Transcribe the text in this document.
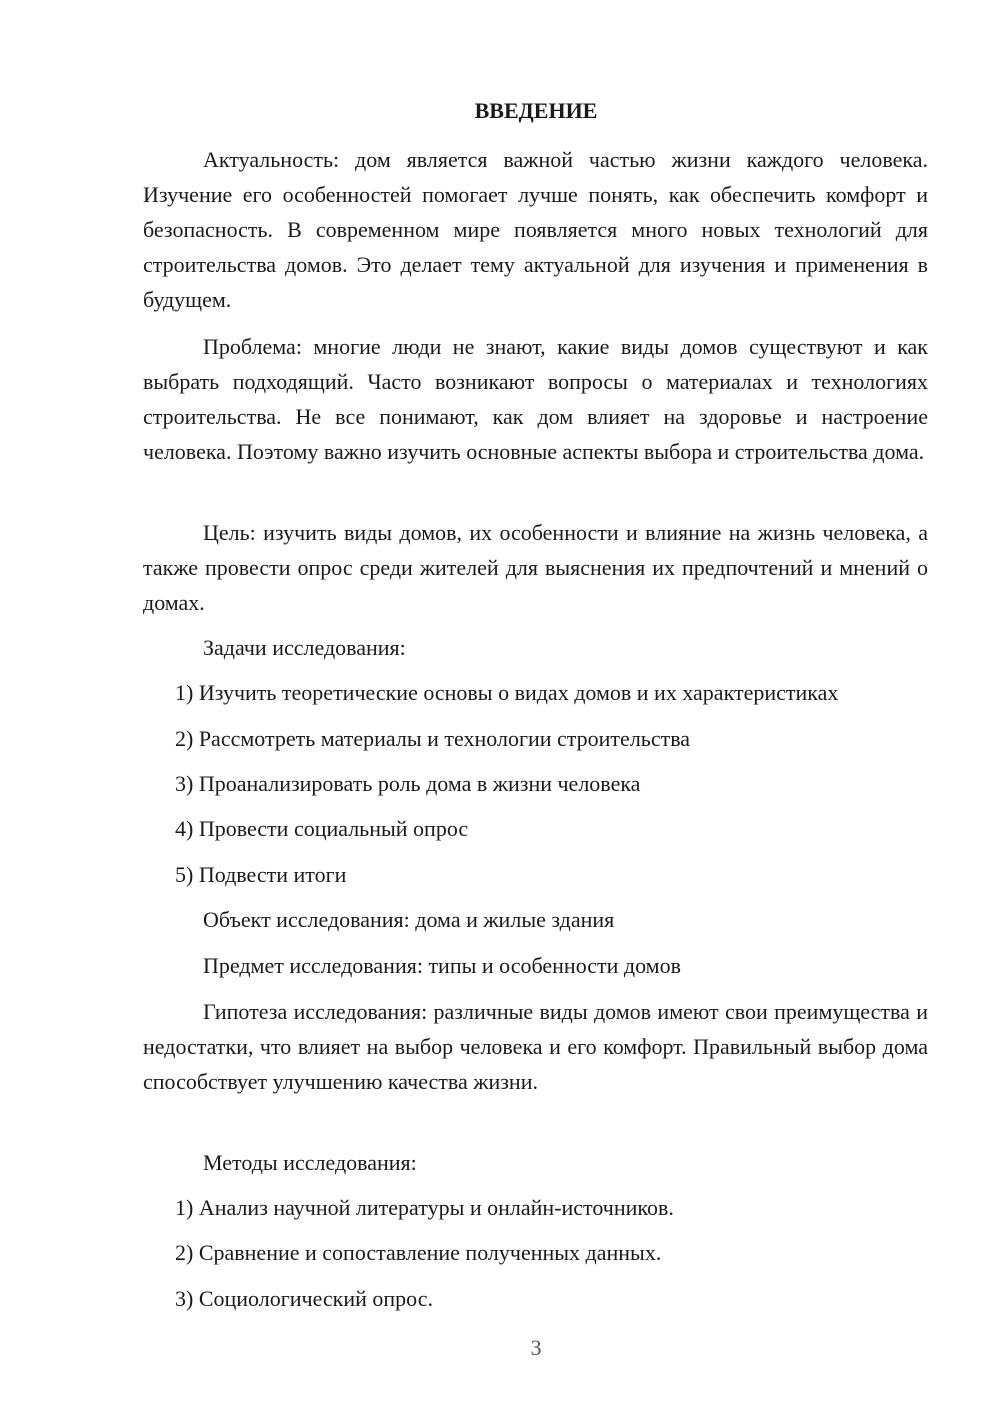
ВВЕДЕНИЕ

Актуальность: дом является важной частью жизни каждого человека. Изучение его особенностей помогает лучше понять, как обеспечить комфорт и безопасность. В современном мире появляется много новых технологий для строительства домов. Это делает тему актуальной для изучения и применения в будущем.

Проблема: многие люди не знают, какие виды домов существуют и как выбрать подходящий. Часто возникают вопросы о материалах и технологиях строительства. Не все понимают, как дом влияет на здоровье и настроение человека. Поэтому важно изучить основные аспекты выбора и строительства дома.

Цель: изучить виды домов, их особенности и влияние на жизнь человека, а также провести опрос среди жителей для выяснения их предпочтений и мнений о домах.

Задачи исследования:

1) Изучить теоретические основы о видах домов и их характеристиках

2) Рассмотреть материалы и технологии строительства

3) Проанализировать роль дома в жизни человека

4) Провести социальный опрос

5) Подвести итоги

Объект исследования: дома и жилые здания

Предмет исследования: типы и особенности домов

Гипотеза исследования: различные виды домов имеют свои преимущества и недостатки, что влияет на выбор человека и его комфорт. Правильный выбор дома способствует улучшению качества жизни.

Методы исследования:

1) Анализ научной литературы и онлайн-источников.

2) Сравнение и сопоставление полученных данных.

3) Социологический опрос.

3
